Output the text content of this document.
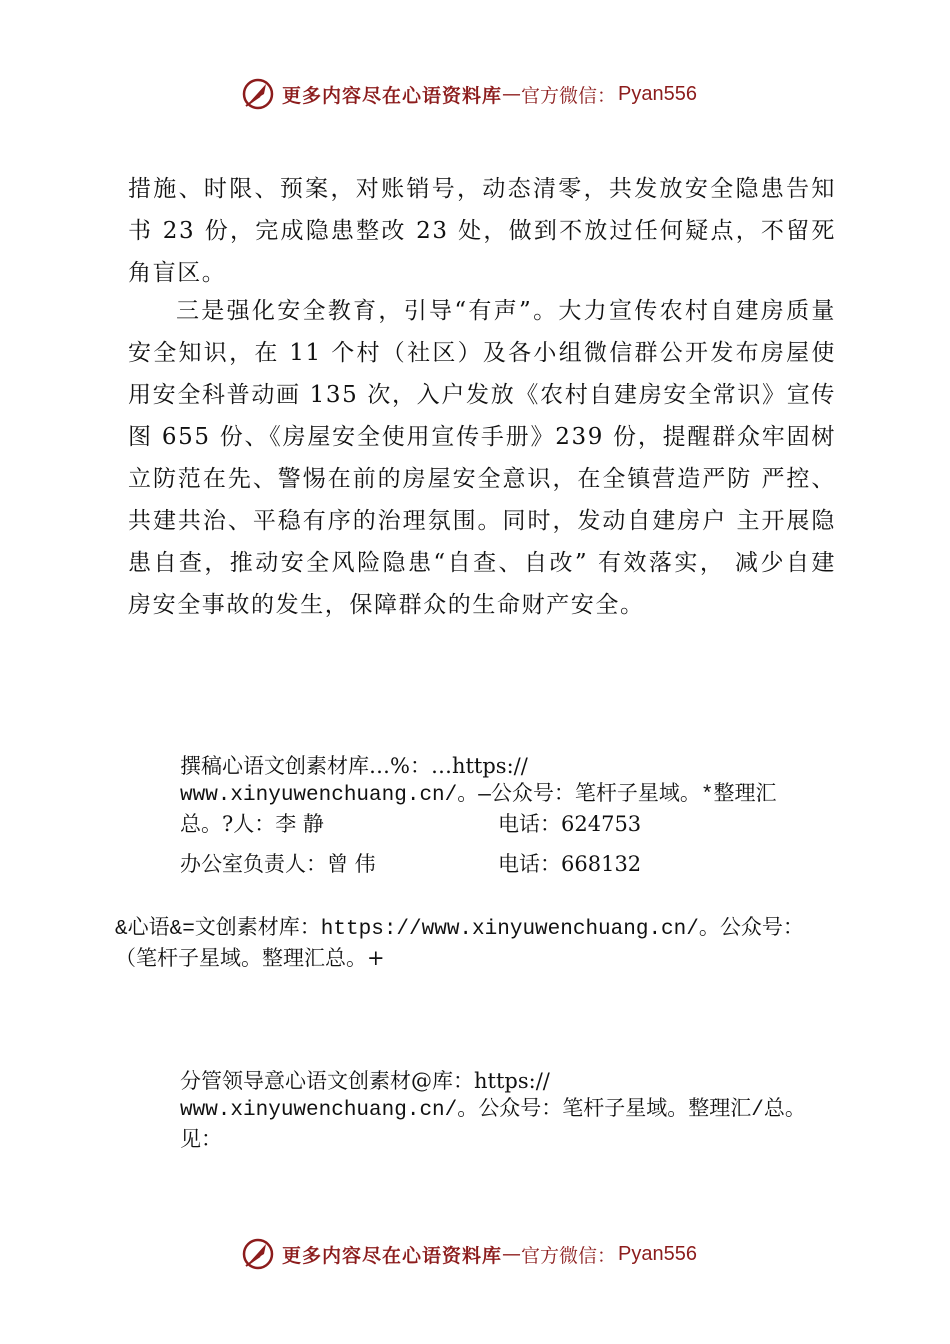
更多内容尽在心语资料库 — 官方微信： Pyan556

措施、时限、预案，对账销号，动态清零，共发放安全隐患告知书 23 份，完成隐患整改 23 处，做到不放过任何疑点，不留死角盲区。

三是强化安全教育，引导“有声”。大力宣传农村自建房质量安全知识，在 11 个村（社区）及各小组微信群公开发布房屋使用安全科普动画 135 次，入户发放《农村自建房安全常识》宣传图 655 份、《房屋安全使用宣传手册》239 份，提醒群众牢固树立防范在先、警惕在前的房屋安全意识，在全镇营造严防 严控、共建共治、平稳有序的治理氛围。同时，发动自建房户 主开展隐患自查，推动安全风险隐患“自查、自改” 有效落实， 减少自建房安全事故的发生，保障群众的生命财产安全。

撰稿心语文创素材库…%：…https://
www.xinyuwenchuang.cn/。—公众号：笔杆子星域。*整理汇
总。?人：李 静	电话：624753
办公室负责人：曾 伟	电话：668132
&心语&=文创素材库：https://www.xinyuwenchuang.cn/。公众号：
（笔杆子星域。整理汇总。+
分管领导意心语文创素材@库：https://
www.xinyuwenchuang.cn/。公众号：笔杆子星域。整理汇/总。
见：
更多内容尽在心语资料库 — 官方微信： Pyan556
